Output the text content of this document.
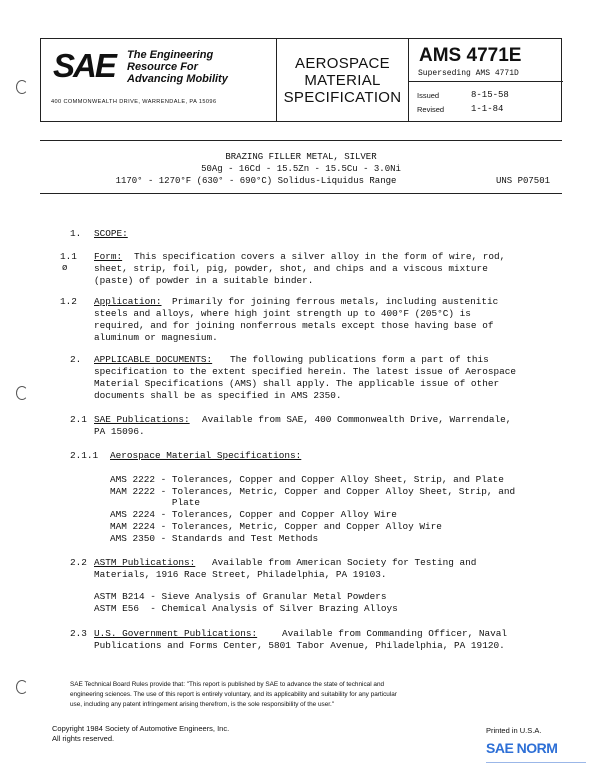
SAE The Engineering
Resource For
Advancing Mobility
400 COMMONWEALTH DRIVE, WARRENDALE, PA 15096
AEROSPACE
MATERIAL
SPECIFICATION
AMS 4771E
Superseding AMS 4771D
Issued	8-15-58
Revised	1-1-84
BRAZING FILLER METAL, SILVER
50Ag - 16Cd - 15.5Zn - 15.5Cu - 3.0Ni
1170° - 1270°F (630° - 690°C) Solidus-Liquidus Range	UNS P07501
1. SCOPE:
1.1
ø
Form: This specification covers a silver alloy in the form of wire, rod,
sheet, strip, foil, pig, powder, shot, and chips and a viscous mixture
(paste) of powder in a suitable binder.
1.2 Application: Primarily for joining ferrous metals, including austenitic
steels and alloys, where high joint strength up to 400°F (205°C) is
required, and for joining nonferrous metals except those having base of
aluminum or magnesium.
2. APPLICABLE DOCUMENTS: The following publications form a part of this
specification to the extent specified herein. The latest issue of Aerospace
Material Specifications (AMS) shall apply. The applicable issue of other
documents shall be as specified in AMS 2350.
2.1 SAE Publications: Available from SAE, 400 Commonwealth Drive, Warrendale,
PA 15096.
2.1.1 Aerospace Material Specifications:
AMS 2222 - Tolerances, Copper and Copper Alloy Sheet, Strip, and Plate
MAM 2222 - Tolerances, Metric, Copper and Copper Alloy Sheet, Strip, and
Plate
AMS 2224 - Tolerances, Copper and Copper Alloy Wire
MAM 2224 - Tolerances, Metric, Copper and Copper Alloy Wire
AMS 2350 - Standards and Test Methods
2.2 ASTM Publications: Available from American Society for Testing and
Materials, 1916 Race Street, Philadelphia, PA 19103.
ASTM B214 - Sieve Analysis of Granular Metal Powders
ASTM E56  - Chemical Analysis of Silver Brazing Alloys
2.3 U.S. Government Publications:	Available from Commanding Officer, Naval
Publications and Forms Center, 5801 Tabor Avenue, Philadelphia, PA 19120.
SAE Technical Board Rules provide that: "This report is published by SAE to advance the state of technical and
engineering sciences. The use of this report is entirely voluntary, and its applicability and suitability for any particular
use, including any patent infringement arising therefrom, is the sole responsibility of the user."
Copyright 1984 Society of Automotive Engineers, Inc.
All rights reserved.
Printed in U.S.A.
SAE NORM
